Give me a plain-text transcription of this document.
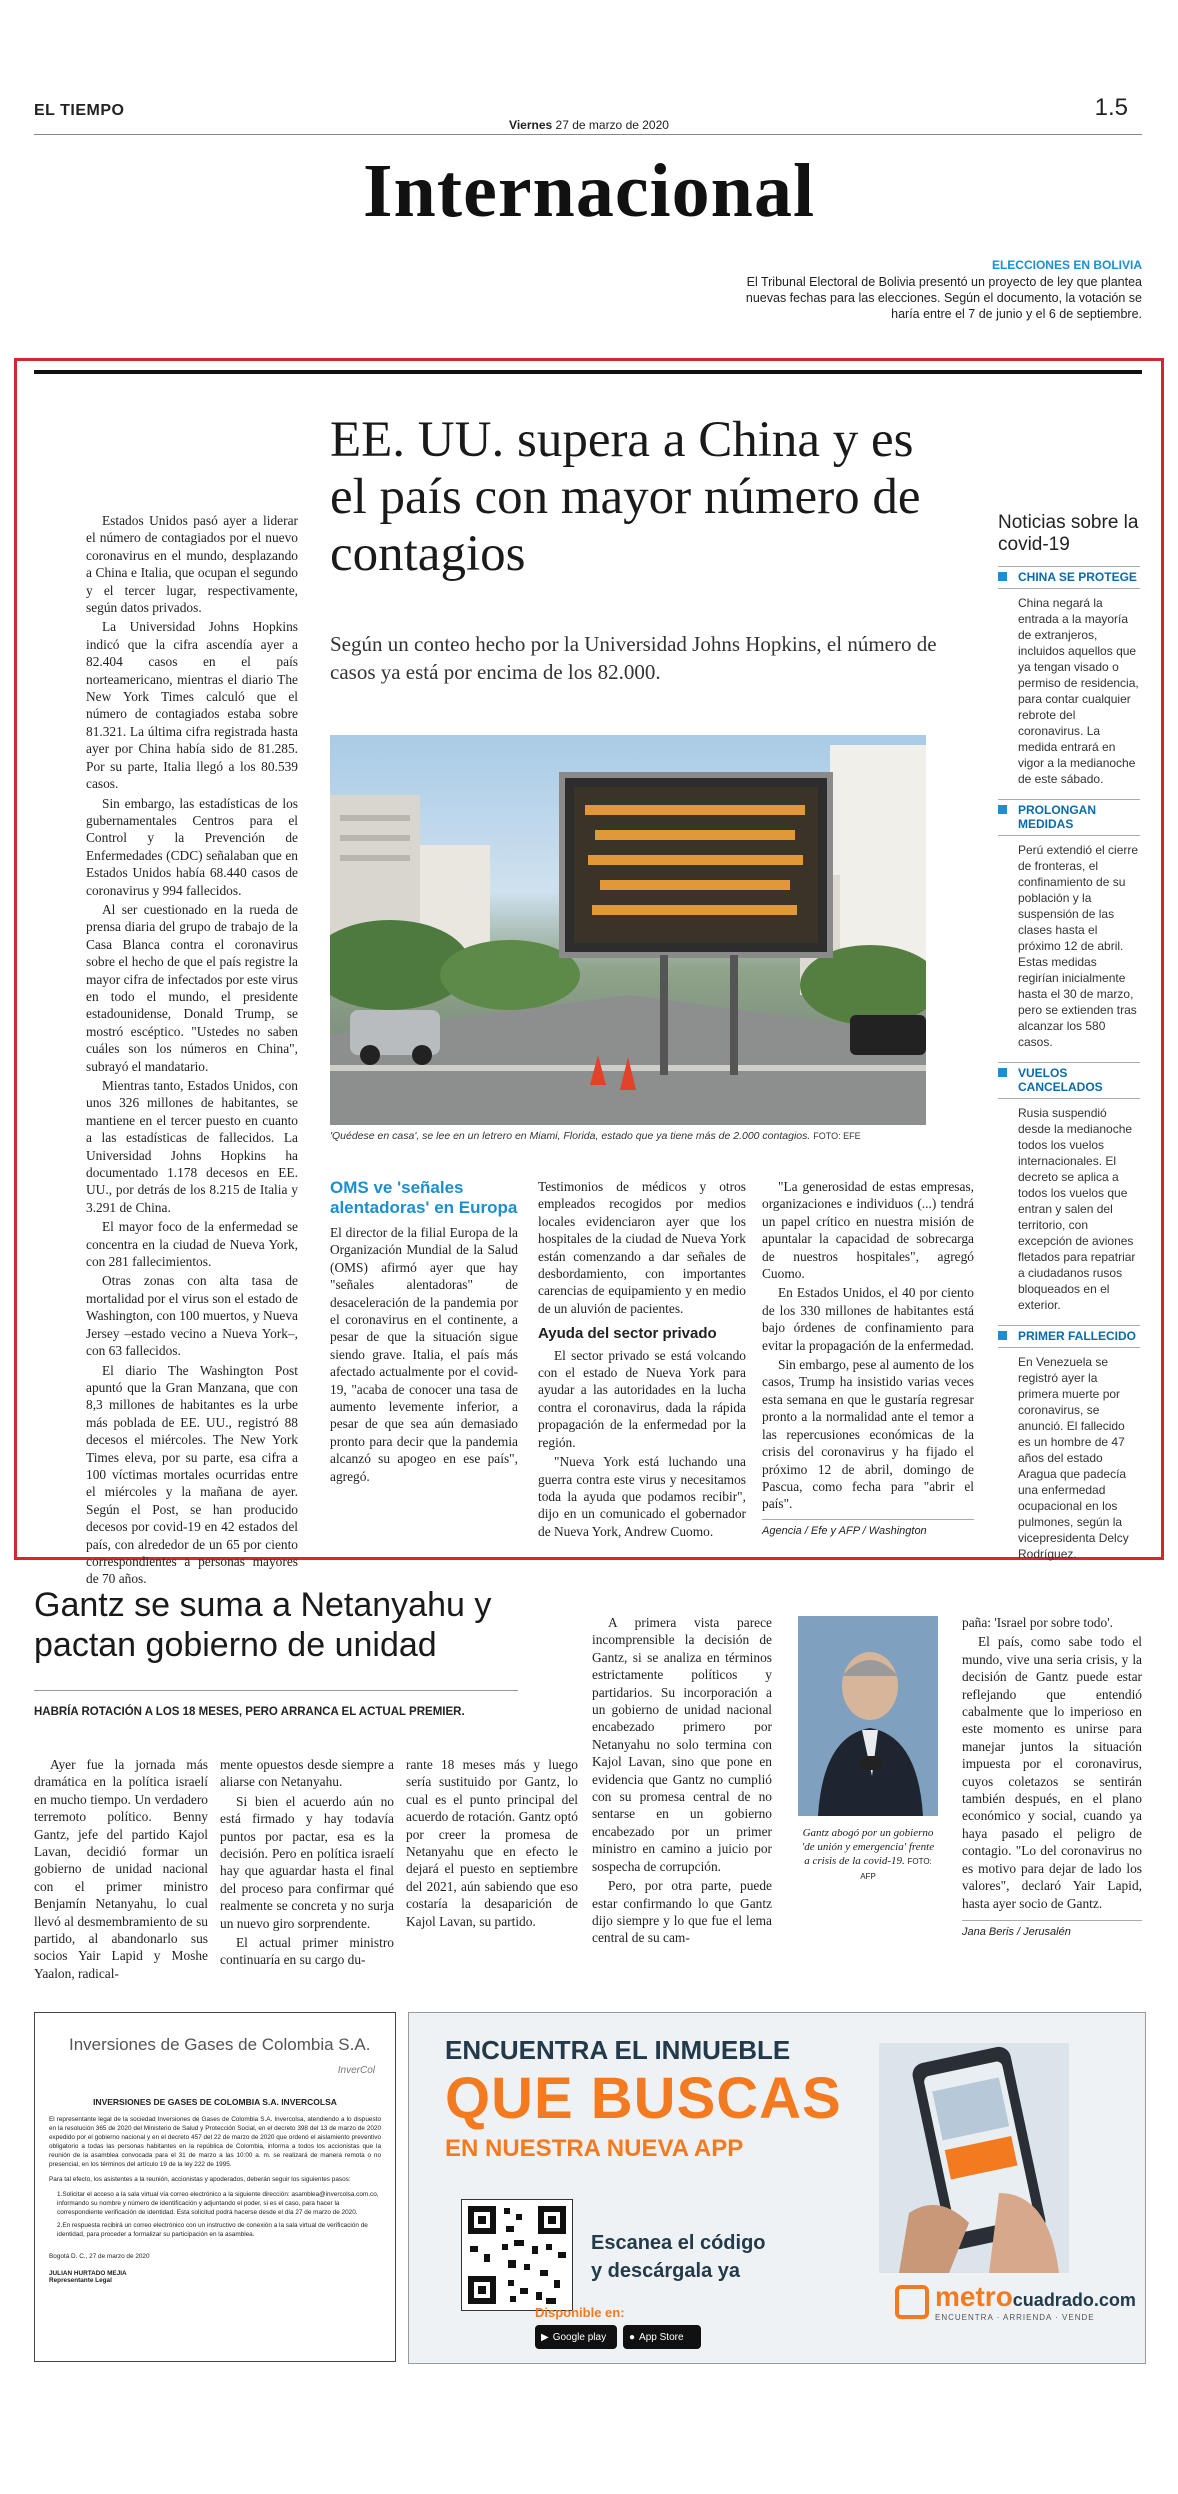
EL TIEMPO
Viernes 27 de marzo de 2020
1.5
Internacional
ELECCIONES EN BOLIVIA
El Tribunal Electoral de Bolivia presentó un proyecto de ley que plantea nuevas fechas para las elecciones. Según el documento, la votación se haría entre el 7 de junio y el 6 de septiembre.
EE. UU. supera a China y es el país con mayor número de contagios
Según un conteo hecho por la Universidad Johns Hopkins, el número de casos ya está por encima de los 82.000.
'Quédese en casa', se lee en un letrero en Miami, Florida, estado que ya tiene más de 2.000 contagios. FOTO: EFE

Estados Unidos pasó ayer a liderar el número de contagiados por el nuevo coronavirus en el mundo, desplazando a China e Italia, que ocupan el segundo y el tercer lugar, respectivamente, según datos privados.

La Universidad Johns Hopkins indicó que la cifra ascendía ayer a 82.404 casos en el país norteamericano, mientras el diario The New York Times calculó que el número de contagiados estaba sobre 81.321. La última cifra registrada hasta ayer por China había sido de 81.285. Por su parte, Italia llegó a los 80.539 casos.

Sin embargo, las estadísticas de los gubernamentales Centros para el Control y la Prevención de Enfermedades (CDC) señalaban que en Estados Unidos había 68.440 casos de coronavirus y 994 fallecidos.

Al ser cuestionado en la rueda de prensa diaria del grupo de trabajo de la Casa Blanca contra el coronavirus sobre el hecho de que el país registre la mayor cifra de infectados por este virus en todo el mundo, el presidente estadounidense, Donald Trump, se mostró escéptico. "Ustedes no saben cuáles son los números en China", subrayó el mandatario.

Mientras tanto, Estados Unidos, con unos 326 millones de habitantes, se mantiene en el tercer puesto en cuanto a las estadísticas de fallecidos. La Universidad Johns Hopkins ha documentado 1.178 decesos en EE. UU., por detrás de los 8.215 de Italia y 3.291 de China.

El mayor foco de la enfermedad se concentra en la ciudad de Nueva York, con 281 fallecimientos.

Otras zonas con alta tasa de mortalidad por el virus son el estado de Washington, con 100 muertos, y Nueva Jersey –estado vecino a Nueva York–, con 63 fallecidos.

El diario The Washington Post apuntó que la Gran Manzana, que con 8,3 millones de habitantes es la urbe más poblada de EE. UU., registró 88 decesos el miércoles. The New York Times eleva, por su parte, esa cifra a 100 víctimas mortales ocurridas entre el miércoles y la mañana de ayer. Según el Post, se han producido decesos por covid-19 en 42 estados del país, con alrededor de un 65 por ciento correspondientes a personas mayores de 70 años.

OMS ve 'señales alentadoras' en Europa

El director de la filial Europa de la Organización Mundial de la Salud (OMS) afirmó ayer que hay "señales alentadoras" de desaceleración de la pandemia por el coronavirus en el continente, a pesar de que la situación sigue siendo grave. Italia, el país más afectado actualmente por el covid-19, "acaba de conocer una tasa de aumento levemente inferior, a pesar de que sea aún demasiado pronto para decir que la pandemia alcanzó su apogeo en ese país", agregó.

Testimonios de médicos y otros empleados recogidos por medios locales evidenciaron ayer que los hospitales de la ciudad de Nueva York están comenzando a dar señales de desbordamiento, con importantes carencias de equipamiento y en medio de un aluvión de pacientes.

Ayuda del sector privado

El sector privado se está volcando con el estado de Nueva York para ayudar a las autoridades en la lucha contra el coronavirus, dada la rápida propagación de la enfermedad por la región.

"Nueva York está luchando una guerra contra este virus y necesitamos toda la ayuda que podamos recibir", dijo en un comunicado el gobernador de Nueva York, Andrew Cuomo.

"La generosidad de estas empresas, organizaciones e individuos (...) tendrá un papel crítico en nuestra misión de apuntalar la capacidad de sobrecarga de nuestros hospitales", agregó Cuomo.

En Estados Unidos, el 40 por ciento de los 330 millones de habitantes está bajo órdenes de confinamiento para evitar la propagación de la enfermedad.

Sin embargo, pese al aumento de los casos, Trump ha insistido varias veces esta semana en que le gustaría regresar pronto a la normalidad ante el temor a las repercusiones económicas de la crisis del coronavirus y ha fijado el próximo 12 de abril, domingo de Pascua, como fecha para "abrir el país".

Agencia / Efe y AFP / Washington
Noticias sobre la covid-19
CHINA SE PROTEGE
China negará la entrada a la mayoría de extranjeros, incluidos aquellos que ya tengan visado o permiso de residencia, para contar cualquier rebrote del coronavirus. La medida entrará en vigor a la medianoche de este sábado.
PROLONGAN MEDIDAS
Perú extendió el cierre de fronteras, el confinamiento de su población y la suspensión de las clases hasta el próximo 12 de abril. Estas medidas regirían inicialmente hasta el 30 de marzo, pero se extienden tras alcanzar los 580 casos.
VUELOS CANCELADOS
Rusia suspendió desde la medianoche todos los vuelos internacionales. El decreto se aplica a todos los vuelos que entran y salen del territorio, con excepción de aviones fletados para repatriar a ciudadanos rusos bloqueados en el exterior.
PRIMER FALLECIDO
En Venezuela se registró ayer la primera muerte por coronavirus, se anunció. El fallecido es un hombre de 47 años del estado Aragua que padecía una enfermedad ocupacional en los pulmones, según la vicepresidenta Delcy Rodríguez.
Gantz se suma a Netanyahu y pactan gobierno de unidad
HABRÍA ROTACIÓN A LOS 18 MESES, PERO ARRANCA EL ACTUAL PREMIER.

Ayer fue la jornada más dramática en la política israelí en mucho tiempo. Un verdadero terremoto político. Benny Gantz, jefe del partido Kajol Lavan, decidió formar un gobierno de unidad nacional con el primer ministro Benjamín Netanyahu, lo cual llevó al desmembramiento de su partido, al abandonarlo sus socios Yair Lapid y Moshe Yaalon, radical-

mente opuestos desde siempre a aliarse con Netanyahu.

Si bien el acuerdo aún no está firmado y hay todavía puntos por pactar, esa es la decisión. Pero en política israelí hay que aguardar hasta el final del proceso para confirmar qué realmente se concreta y no surja un nuevo giro sorprendente.

El actual primer ministro continuaría en su cargo du-

rante 18 meses más y luego sería sustituido por Gantz, lo cual es el punto principal del acuerdo de rotación. Gantz optó por creer la promesa de Netanyahu que en efecto le dejará el puesto en septiembre del 2021, aún sabiendo que eso costaría la desaparición de Kajol Lavan, su partido.

A primera vista parece incomprensible la decisión de Gantz, si se analiza en términos estrictamente políticos y partidarios. Su incorporación a un gobierno de unidad nacional encabezado primero por Netanyahu no solo termina con Kajol Lavan, sino que pone en evidencia que Gantz no cumplió con su promesa central de no sentarse en un gobierno encabezado por un primer ministro en camino a juicio por sospecha de corrupción.

Pero, por otra parte, puede estar confirmando lo que Gantz dijo siempre y lo que fue el lema central de su cam-

Gantz abogó por un gobierno 'de unión y emergencia' frente a crisis de la covid-19. FOTO: AFP

paña: 'Israel por sobre todo'.

El país, como sabe todo el mundo, vive una seria crisis, y la decisión de Gantz puede estar reflejando que entendió cabalmente que lo imperioso en este momento es unirse para manejar juntos la situación impuesta por el coronavirus, cuyos coletazos se sentirán también después, en el plano económico y social, cuando ya haya pasado el peligro de contagio. "Lo del coronavirus no es motivo para dejar de lado los valores", declaró Yair Lapid, hasta ayer socio de Gantz.

Jana Beris / Jerusalén
Inversiones de Gases de Colombia S.A.
InverCol
INVERSIONES DE GASES DE COLOMBIA S.A. INVERCOLSA
El representante legal de la sociedad Inversiones de Gases de Colombia S.A. Invercolsa, atendiendo a lo dispuesto en la resolución 365 de 2020 del Ministerio de Salud y Protección Social, en el decreto 398 del 13 de marzo de 2020 expedido por el gobierno nacional y en el decreto 457 del 22 de marzo de 2020 que ordenó el aislamiento preventivo obligatorio a todas las personas habitantes en la república de Colombia, informa a todos los accionistas que la reunión de la asamblea convocada para el 31 de marzo a las 10:00 a. m. se realizará de manera remota o no presencial, en los términos del artículo 19 de la ley 222 de 1995.
Para tal efecto, los asistentes a la reunión, accionistas y apoderados, deberán seguir los siguientes pasos:
1.Solicitar el acceso a la sala virtual vía correo electrónico a la siguiente dirección: asamblea@invercolsa.com.co, informando su nombre y número de identificación y adjuntando el poder, si es el caso, para hacer la correspondiente verificación de identidad. Esta solicitud podrá hacerse desde el día 27 de marzo de 2020.
2.En respuesta recibirá un correo electrónico con un instructivo de conexión a la sala virtual de verificación de identidad, para proceder a formalizar su participación en la asamblea.
Bogotá D. C., 27 de marzo de 2020
JULIAN HURTADO MEJIA
Representante Legal
ENCUENTRA EL INMUEBLE
QUE BUSCAS
EN NUESTRA NUEVA APP
Escanea el código y descárgala ya
Disponible en:
▶ Google play ● App Store
metrocuadrado.com
ENCUENTRA · ARRIENDA · VENDE
